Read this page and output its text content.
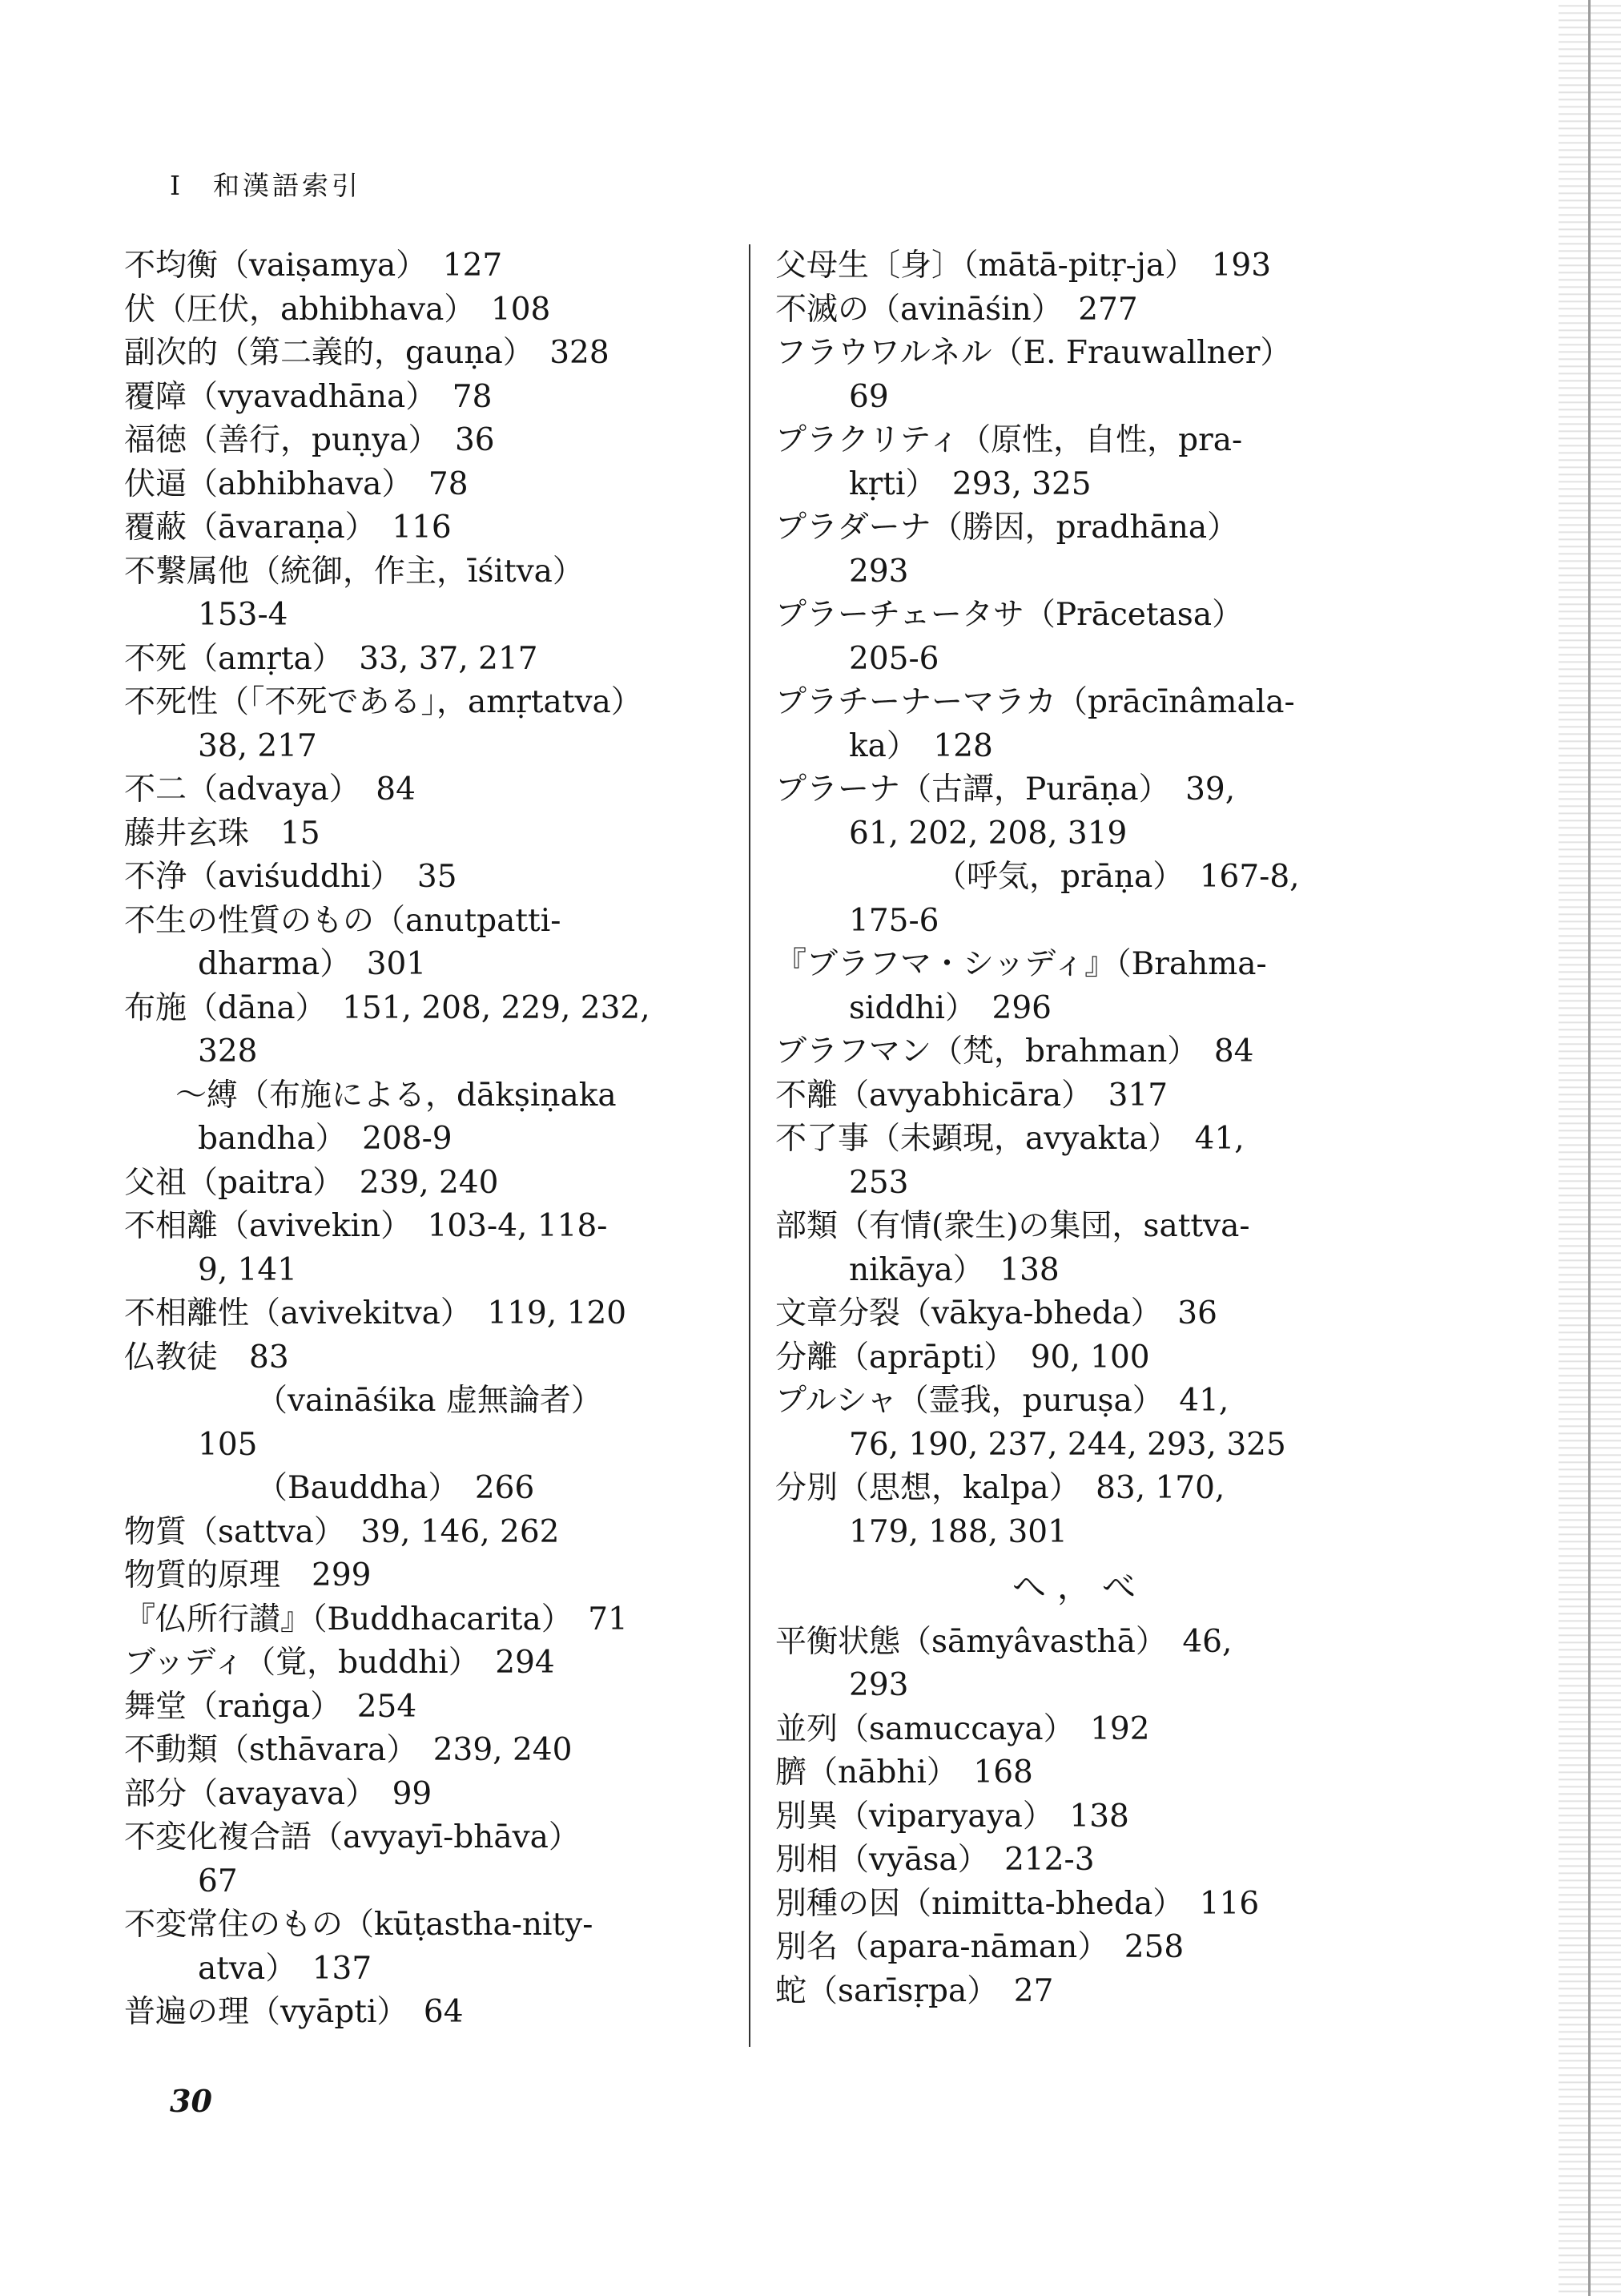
I　和漢語索引
不均衡（vaiṣamya）　127
伏（圧伏，abhibhava）　108
副次的（第二義的，gauṇa）　328
覆障（vyavadhāna）　78
福徳（善行，puṇya）　36
伏逼（abhibhava）　78
覆蔽（āvaraṇa）　116
不繋属他（統御，作主，īśitva）
153-4
不死（amṛta）　33, 37, 217
不死性（「不死である」，amṛtatva）
38, 217
不二（advaya）　84
藤井玄珠　15
不浄（aviśuddhi）　35
不生の性質のもの（anutpatti-
dharma）　301
布施（dāna）　151, 208, 229, 232,
328
～縛（布施による，dākṣiṇaka
bandha）　208-9
父祖（paitra）　239, 240
不相離（avivekin）　103-4, 118-
9, 141
不相離性（avivekitva）　119, 120
仏教徒　83
（vaināśika 虚無論者）
105
（Bauddha）　266
物質（sattva）　39, 146, 262
物質的原理　299
『仏所行讃』（Buddhacarita）　71
ブッディ（覚，buddhi）　294
舞堂（raṅga）　254
不動類（sthāvara）　239, 240
部分（avayava）　99
不変化複合語（avyayī-bhāva）
67
不変常住のもの（kūṭastha-nity-
atva）　137
普遍の理（vyāpti）　64
父母生〔身〕（mātā-pitṛ-ja）　193
不滅の（avināśin）　277
フラウワルネル（E. Frauwallner）
69
プラクリティ（原性，自性，pra-
kṛti）　293, 325
プラダーナ（勝因，pradhāna）
293
プラーチェータサ（Prācetasa）
205-6
プラチーナーマラカ（prācīnâmala-
ka）　128
プラーナ（古譚，Purāṇa）　39,
61, 202, 208, 319
（呼気，prāṇa）　167-8,
175-6
『ブラフマ・シッディ』（Brahma-
siddhi）　296
ブラフマン（梵，brahman）　84
不離（avyabhicāra）　317
不了事（未顕現，avyakta）　41,
253
部類（有情(衆生)の集団，sattva-
nikāya）　138
文章分裂（vākya-bheda）　36
分離（aprāpti）　90, 100
プルシャ（霊我，puruṣa）　41,
76, 190, 237, 244, 293, 325
分別（思想，kalpa）　83, 170,
179, 188, 301
へ，べ
平衡状態（sāmyâvasthā）　46,
293
並列（samuccaya）　192
臍（nābhi）　168
別異（viparyaya）　138
別相（vyāsa）　212-3
別種の因（nimitta-bheda）　116
別名（apara-nāman）　258
蛇（sarīsṛpa）　27
30
